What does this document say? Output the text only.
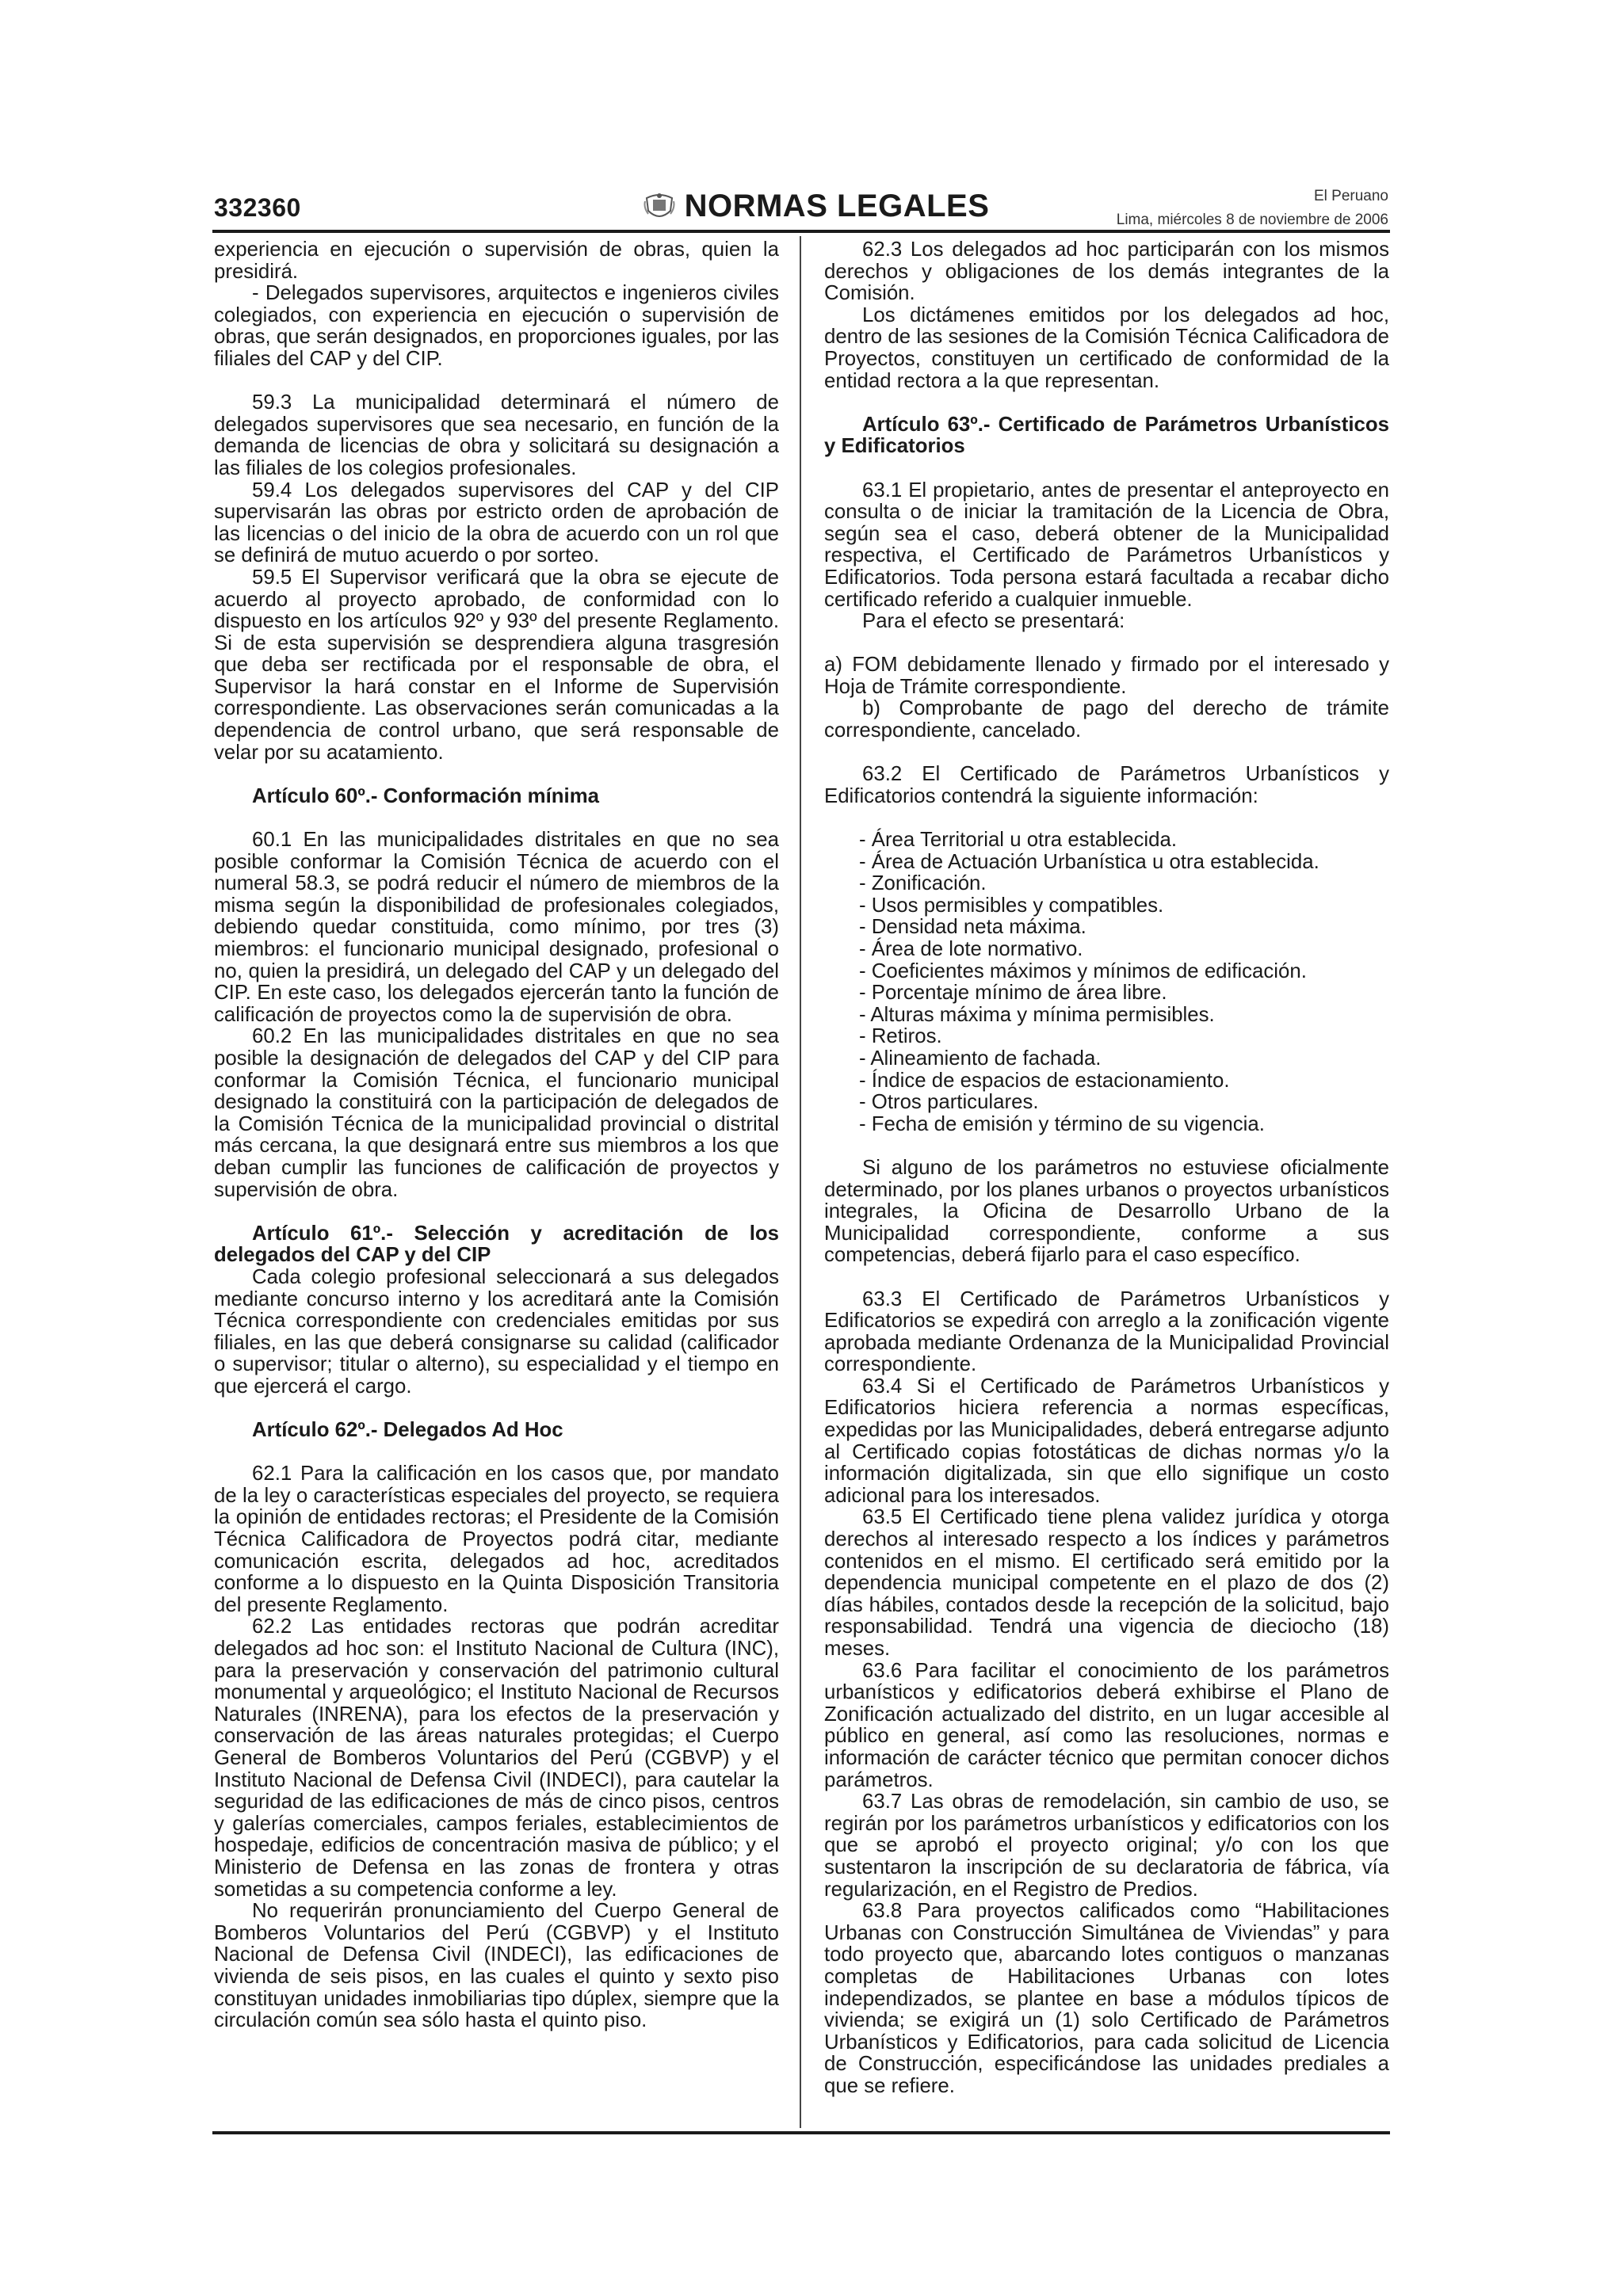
332360	NORMAS LEGALES	El Peruano
Lima, miércoles 8 de noviembre de 2006

experiencia en ejecución o supervisión de obras, quien la presidirá.

- Delegados supervisores, arquitectos e ingenieros civiles colegiados, con experiencia en ejecución o supervisión de obras, que serán designados, en proporciones iguales, por las filiales del CAP y del CIP.

59.3 La municipalidad determinará el número de delegados supervisores que sea necesario, en función de la demanda de licencias de obra y solicitará su designación a las filiales de los colegios profesionales.

59.4 Los delegados supervisores del CAP y del CIP supervisarán las obras por estricto orden de aprobación de las licencias o del inicio de la obra de acuerdo con un rol que se definirá de mutuo acuerdo o por sorteo.

59.5 El Supervisor verificará que la obra se ejecute de acuerdo al proyecto aprobado, de conformidad con lo dispuesto en los artículos 92º y 93º del presente Reglamento. Si de esta supervisión se desprendiera alguna trasgresión que deba ser rectificada por el responsable de obra, el Supervisor la hará constar en el Informe de Supervisión correspondiente. Las observaciones serán comunicadas a la dependencia de control urbano, que será responsable de velar por su acatamiento.

Artículo 60º.- Conformación mínima

60.1 En las municipalidades distritales en que no sea posible conformar la Comisión Técnica de acuerdo con el numeral 58.3, se podrá reducir el número de miembros de la misma según la disponibilidad de profesionales colegiados, debiendo quedar constituida, como mínimo, por tres (3) miembros: el funcionario municipal designado, profesional o no, quien la presidirá, un delegado del CAP y un delegado del CIP. En este caso, los delegados ejercerán tanto la función de calificación de proyectos como la de supervisión de obra.

60.2 En las municipalidades distritales en que no sea posible la designación de delegados del CAP y del CIP para conformar la Comisión Técnica, el funcionario municipal designado la constituirá con la participación de delegados de la Comisión Técnica de la municipalidad provincial o distrital más cercana, la que designará entre sus miembros a los que deban cumplir las funciones de calificación de proyectos y supervisión de obra.

Artículo 61º.- Selección y acreditación de los delegados del CAP y del CIP

Cada colegio profesional seleccionará a sus delegados mediante concurso interno y los acreditará ante la Comisión Técnica correspondiente con credenciales emitidas por sus filiales, en las que deberá consignarse su calidad (calificador o supervisor; titular o alterno), su especialidad y el tiempo en que ejercerá el cargo.

Artículo 62º.- Delegados Ad Hoc

62.1 Para la calificación en los casos que, por mandato de la ley o características especiales del proyecto, se requiera la opinión de entidades rectoras; el Presidente de la Comisión Técnica Calificadora de Proyectos podrá citar, mediante comunicación escrita, delegados ad hoc, acreditados conforme a lo dispuesto en la Quinta Disposición Transitoria del presente Reglamento.

62.2 Las entidades rectoras que podrán acreditar delegados ad hoc son: el Instituto Nacional de Cultura (INC), para la preservación y conservación del patrimonio cultural monumental y arqueológico; el Instituto Nacional de Recursos Naturales (INRENA), para los efectos de la preservación y conservación de las áreas naturales protegidas; el Cuerpo General de Bomberos Voluntarios del Perú (CGBVP) y el Instituto Nacional de Defensa Civil (INDECI), para cautelar la seguridad de las edificaciones de más de cinco pisos, centros y galerías comerciales, campos feriales, establecimientos de hospedaje, edificios de concentración masiva de público; y el Ministerio de Defensa en las zonas de frontera y otras sometidas a su competencia conforme a ley.

No requerirán pronunciamiento del Cuerpo General de Bomberos Voluntarios del Perú (CGBVP) y el Instituto Nacional de Defensa Civil (INDECI), las edificaciones de vivienda de seis pisos, en las cuales el quinto y sexto piso constituyan unidades inmobiliarias tipo dúplex, siempre que la circulación común sea sólo hasta el quinto piso.

62.3 Los delegados ad hoc participarán con los mismos derechos y obligaciones de los demás integrantes de la Comisión.

Los dictámenes emitidos por los delegados ad hoc, dentro de las sesiones de la Comisión Técnica Calificadora de Proyectos, constituyen un certificado de conformidad de la entidad rectora a la que representan.

Artículo 63º.- Certificado de Parámetros Urbanísticos y Edificatorios

63.1 El propietario, antes de presentar el anteproyecto en consulta o de iniciar la tramitación de la Licencia de Obra, según sea el caso, deberá obtener de la Municipalidad respectiva, el Certificado de Parámetros Urbanísticos y Edificatorios. Toda persona estará facultada a recabar dicho certificado referido a cualquier inmueble.

Para el efecto se presentará:

a) FOM debidamente llenado y firmado por el interesado y Hoja de Trámite correspondiente.

b) Comprobante de pago del derecho de trámite correspondiente, cancelado.

63.2 El Certificado de Parámetros Urbanísticos y Edificatorios contendrá la siguiente información:

- Área Territorial u otra establecida.
- Área de Actuación Urbanística u otra establecida.
- Zonificación.
- Usos permisibles y compatibles.
- Densidad neta máxima.
- Área de lote normativo.
- Coeficientes máximos y mínimos de edificación.
- Porcentaje mínimo de área libre.
- Alturas máxima y mínima permisibles.
- Retiros.
- Alineamiento de fachada.
- Índice de espacios de estacionamiento.
- Otros particulares.
- Fecha de emisión y término de su vigencia.

Si alguno de los parámetros no estuviese oficialmente determinado, por los planes urbanos o proyectos urbanísticos integrales, la Oficina de Desarrollo Urbano de la Municipalidad correspondiente, conforme a sus competencias, deberá fijarlo para el caso específico.

63.3 El Certificado de Parámetros Urbanísticos y Edificatorios se expedirá con arreglo a la zonificación vigente aprobada mediante Ordenanza de la Municipalidad Provincial correspondiente.

63.4 Si el Certificado de Parámetros Urbanísticos y Edificatorios hiciera referencia a normas específicas, expedidas por las Municipalidades, deberá entregarse adjunto al Certificado copias fotostáticas de dichas normas y/o la información digitalizada, sin que ello signifique un costo adicional para los interesados.

63.5 El Certificado tiene plena validez jurídica y otorga derechos al interesado respecto a los índices y parámetros contenidos en el mismo. El certificado será emitido por la dependencia municipal competente en el plazo de dos (2) días hábiles, contados desde la recepción de la solicitud, bajo responsabilidad. Tendrá una vigencia de dieciocho (18) meses.

63.6 Para facilitar el conocimiento de los parámetros urbanísticos y edificatorios deberá exhibirse el Plano de Zonificación actualizado del distrito, en un lugar accesible al público en general, así como las resoluciones, normas e información de carácter técnico que permitan conocer dichos parámetros.

63.7 Las obras de remodelación, sin cambio de uso, se regirán por los parámetros urbanísticos y edificatorios con los que se aprobó el proyecto original; y/o con los que sustentaron la inscripción de su declaratoria de fábrica, vía regularización, en el Registro de Predios.

63.8 Para proyectos calificados como “Habilitaciones Urbanas con Construcción Simultánea de Viviendas” y para todo proyecto que, abarcando lotes contiguos o manzanas completas de Habilitaciones Urbanas con lotes independizados, se plantee en base a módulos típicos de vivienda; se exigirá un (1) solo Certificado de Parámetros Urbanísticos y Edificatorios, para cada solicitud de Licencia de Construcción, especificándose las unidades prediales a que se refiere.
